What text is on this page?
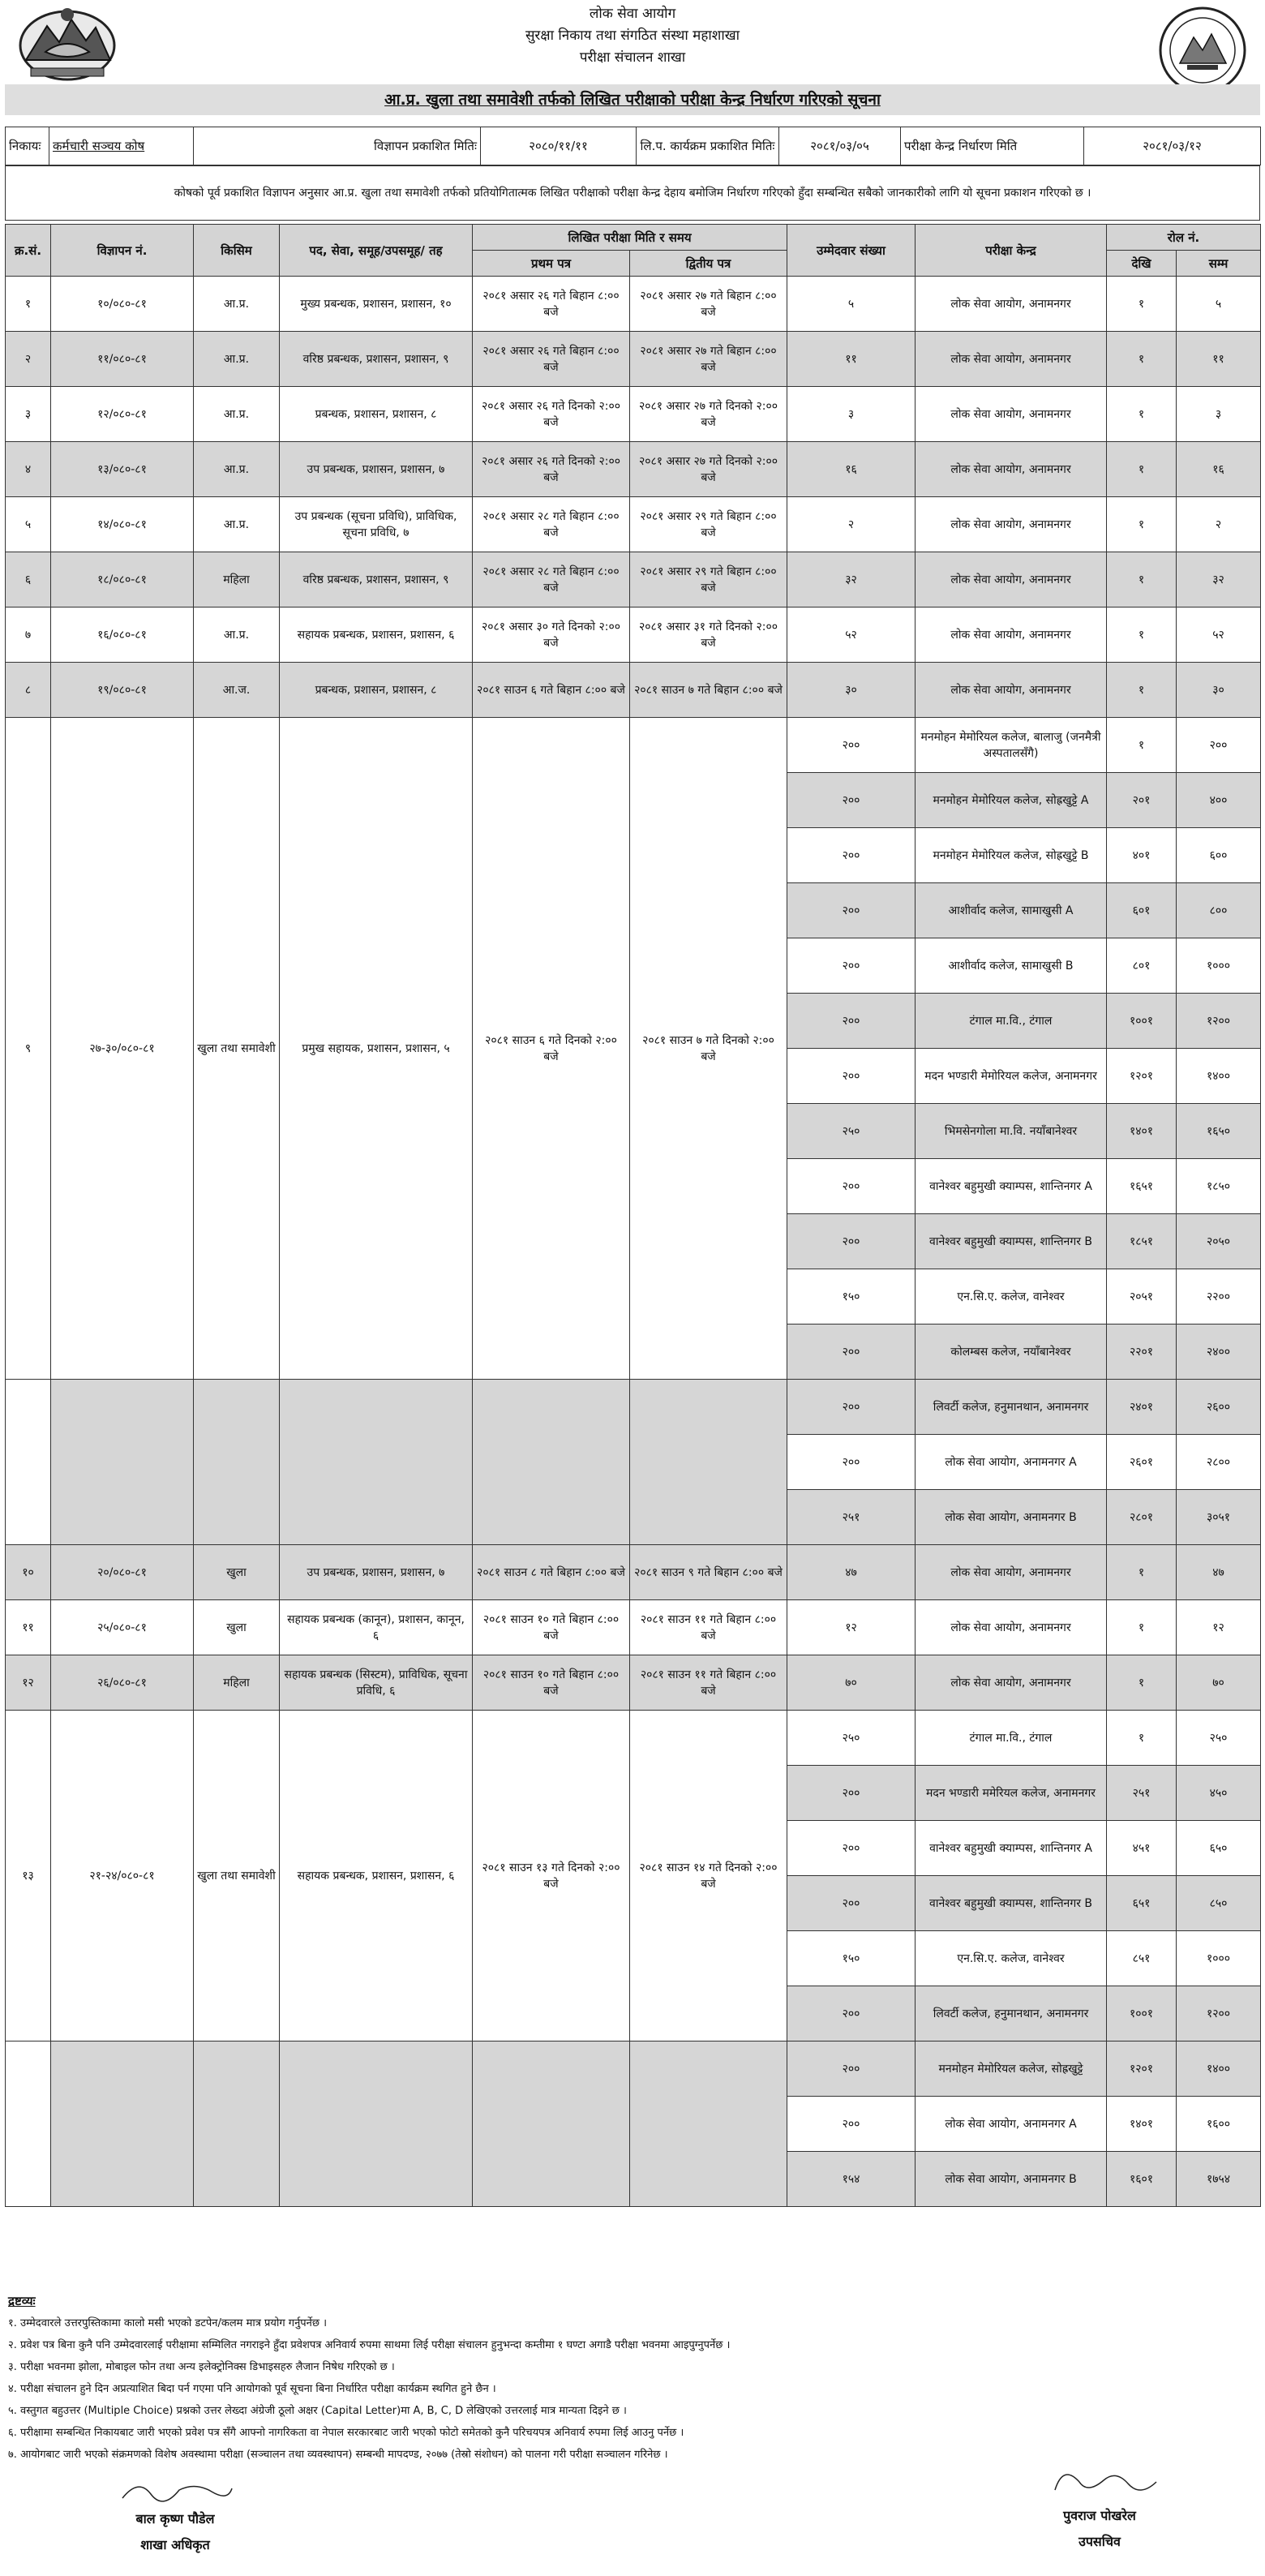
लोक सेवा आयोग
सुरक्षा निकाय तथा संगठित संस्था महाशाखा
परीक्षा संचालन शाखा
आ.प्र. खुला तथा समावेशी तर्फको लिखित परीक्षाको परीक्षा केन्द्र निर्धारण गरिएको सूचना
निकायः	कर्मचारी सञ्चय कोष	विज्ञापन प्रकाशित मितिः	२०८०/११/११	लि.प. कार्यक्रम प्रकाशित मितिः	२०८१/०३/०५	परीक्षा केन्द्र निर्धारण मिति	२०८१/०३/१२
कोषको पूर्व प्रकाशित विज्ञापन अनुसार आ.प्र. खुला तथा समावेशी तर्फको प्रतियोगितात्मक लिखित परीक्षाको परीक्षा केन्द्र देहाय बमोजिम निर्धारण गरिएको हुँदा सम्बन्धित सबैको जानकारीको लागि यो सूचना प्रकाशन गरिएको छ ।
क्र.सं.	विज्ञापन नं.	किसिम	पद, सेवा, समूह/उपसमूह/ तह	लिखित परीक्षा मिति र समय		उम्मेदवार संख्या	परीक्षा केन्द्र	रोल नं.	
				प्रथम पत्र	द्वितीय पत्र			देखि	सम्म
१	१०/०८०-८१	आ.प्र.	मुख्य प्रबन्धक, प्रशासन, प्रशासन, १०	२०८१ असार २६ गते बिहान ८:०० बजे	२०८१ असार २७ गते बिहान ८:०० बजे	५	लोक सेवा आयोग, अनामनगर	१	५
२	११/०८०-८१	आ.प्र.	वरिष्ठ प्रबन्धक, प्रशासन, प्रशासन, ९	२०८१ असार २६ गते बिहान ८:०० बजे	२०८१ असार २७ गते बिहान ८:०० बजे	११	लोक सेवा आयोग, अनामनगर	१	११
३	१२/०८०-८१	आ.प्र.	प्रबन्धक, प्रशासन, प्रशासन, ८	२०८१ असार २६ गते दिनको २:०० बजे	२०८१ असार २७ गते दिनको २:०० बजे	३	लोक सेवा आयोग, अनामनगर	१	३
४	१३/०८०-८१	आ.प्र.	उप प्रबन्धक, प्रशासन, प्रशासन, ७	२०८१ असार २६ गते दिनको २:०० बजे	२०८१ असार २७ गते दिनको २:०० बजे	१६	लोक सेवा आयोग, अनामनगर	१	१६
५	१४/०८०-८१	आ.प्र.	उप प्रबन्धक (सूचना प्रविधि), प्राविधिक, सूचना प्रविधि, ७	२०८१ असार २८ गते बिहान ८:०० बजे	२०८१ असार २९ गते बिहान ८:०० बजे	२	लोक सेवा आयोग, अनामनगर	१	२
६	१८/०८०-८१	महिला	वरिष्ठ प्रबन्धक, प्रशासन, प्रशासन, ९	२०८१ असार २८ गते बिहान ८:०० बजे	२०८१ असार २९ गते बिहान ८:०० बजे	३२	लोक सेवा आयोग, अनामनगर	१	३२
७	१६/०८०-८१	आ.प्र.	सहायक प्रबन्धक, प्रशासन, प्रशासन, ६	२०८१ असार ३० गते दिनको २:०० बजे	२०८१ असार ३१ गते दिनको २:०० बजे	५२	लोक सेवा आयोग, अनामनगर	१	५२
८	१९/०८०-८१	आ.ज.	प्रबन्धक, प्रशासन, प्रशासन, ८	२०८१ साउन ६ गते बिहान ८:०० बजे	२०८१ साउन ७ गते बिहान ८:०० बजे	३०	लोक सेवा आयोग, अनामनगर	१	३०
९	२७-३०/०८०-८१	खुला तथा समावेशी	प्रमुख सहायक, प्रशासन, प्रशासन, ५	२०८१ साउन ६ गते दिनको २:०० बजे	२०८१ साउन ७ गते दिनको २:०० बजे	२००	मनमोहन मेमोरियल कलेज, बालाजु (जनमैत्री अस्पतालसँगै)	१	२००
						२००	मनमोहन मेमोरियल कलेज, सोह्रखुट्टे A	२०१	४००
						२००	मनमोहन मेमोरियल कलेज, सोह्रखुट्टे B	४०१	६००
						२००	आशीर्वाद कलेज, सामाखुसी A	६०१	८००
						२००	आशीर्वाद कलेज, सामाखुसी B	८०१	१०००
						२००	टंगाल मा.वि., टंगाल	१००१	१२००
						२००	मदन भण्डारी मेमोरियल कलेज, अनामनगर	१२०१	१४००
						२५०	भिमसेनगोला मा.वि. नयाँबानेश्वर	१४०१	१६५०
						२००	वानेश्वर बहुमुखी क्याम्पस, शान्तिनगर A	१६५१	१८५०
						२००	वानेश्वर बहुमुखी क्याम्पस, शान्तिनगर B	१८५१	२०५०
						१५०	एन.सि.ए. कलेज, वानेश्वर	२०५१	२२००
						२००	कोलम्बस कलेज, नयाँबानेश्वर	२२०१	२४००
						२००	लिवर्टी कलेज, हनुमानथान, अनामनगर	२४०१	२६००
						२००	लोक सेवा आयोग, अनामनगर A	२६०१	२८००
						२५१	लोक सेवा आयोग, अनामनगर B	२८०१	३०५१
१०	२०/०८०-८१	खुला	उप प्रबन्धक, प्रशासन, प्रशासन, ७	२०८१ साउन ८ गते बिहान ८:०० बजे	२०८१ साउन ९ गते बिहान ८:०० बजे	४७	लोक सेवा आयोग, अनामनगर	१	४७
११	२५/०८०-८१	खुला	सहायक प्रबन्धक (कानून), प्रशासन, कानून, ६	२०८१ साउन १० गते बिहान ८:०० बजे	२०८१ साउन ११ गते बिहान ८:०० बजे	१२	लोक सेवा आयोग, अनामनगर	१	१२
१२	२६/०८०-८१	महिला	सहायक प्रबन्धक (सिस्टम), प्राविधिक, सूचना प्रविधि, ६	२०८१ साउन १० गते बिहान ८:०० बजे	२०८१ साउन ११ गते बिहान ८:०० बजे	७०	लोक सेवा आयोग, अनामनगर	१	७०
१३	२१-२४/०८०-८१	खुला तथा समावेशी	सहायक प्रबन्धक, प्रशासन, प्रशासन, ६	२०८१ साउन १३ गते दिनको २:०० बजे	२०८१ साउन १४ गते दिनको २:०० बजे	२५०	टंगाल मा.वि., टंगाल	१	२५०
						२००	मदन भण्डारी ममेरियल कलेज, अनामनगर	२५१	४५०
						२००	वानेश्वर बहुमुखी क्याम्पस, शान्तिनगर A	४५१	६५०
						२००	वानेश्वर बहुमुखी क्याम्पस, शान्तिनगर B	६५१	८५०
						१५०	एन.सि.ए. कलेज, वानेश्वर	८५१	१०००
						२००	लिवर्टी कलेज, हनुमानथान, अनामनगर	१००१	१२००
						२००	मनमोहन मेमोरियल कलेज, सोह्रखुट्टे	१२०१	१४००
						२००	लोक सेवा आयोग, अनामनगर A	१४०१	१६००
						१५४	लोक सेवा आयोग, अनामनगर B	१६०१	१७५४
द्रष्टव्यः
१. उम्मेदवारले उत्तरपुस्तिकामा कालो मसी भएको डटपेन/कलम मात्र प्रयोग गर्नुपर्नेछ ।
२. प्रवेश पत्र बिना कुनै पनि उम्मेदवारलाई परीक्षामा सम्मिलित नगराइने हुँदा प्रवेशपत्र अनिवार्य रुपमा साथमा लिई परीक्षा संचालन हुनुभन्दा कम्तीमा १ घण्टा अगाडै परीक्षा भवनमा आइपुग्नुपर्नेछ ।
३. परीक्षा भवनमा झोला, मोबाइल फोन तथा अन्य इलेक्ट्रोनिक्स डिभाइसहरु लैजान निषेध गरिएको छ ।
४. परीक्षा संचालन हुने दिन अप्रत्याशित बिदा पर्न गएमा पनि आयोगको पूर्व सूचना बिना निर्धारित परीक्षा कार्यक्रम स्थगित हुने छैन ।
५. वस्तुगत बहुउत्तर (Multiple Choice) प्रश्नको उत्तर लेख्दा अंग्रेजी ठूलो अक्षर (Capital Letter)मा A, B, C, D लेखिएको उत्तरलाई मात्र मान्यता दिइने छ ।
६. परीक्षामा सम्बन्धित निकायबाट जारी भएको प्रवेश पत्र सँगै आफ्नो नागरिकता वा नेपाल सरकारबाट जारी भएको फोटो समेतको कुनै परिचयपत्र अनिवार्य रुपमा लिई आउनु पर्नेछ ।
७. आयोगबाट जारी भएको संक्रमणको विशेष अवस्थामा परीक्षा (सञ्चालन तथा व्यवस्थापन) सम्बन्धी मापदण्ड, २०७७ (तेस्रो संशोधन) को पालना गरी परीक्षा सञ्चालन गरिनेछ ।
बाल कृष्ण पौडेल
शाखा अधिकृत
पुवराज पोखरेल
उपसचिव
